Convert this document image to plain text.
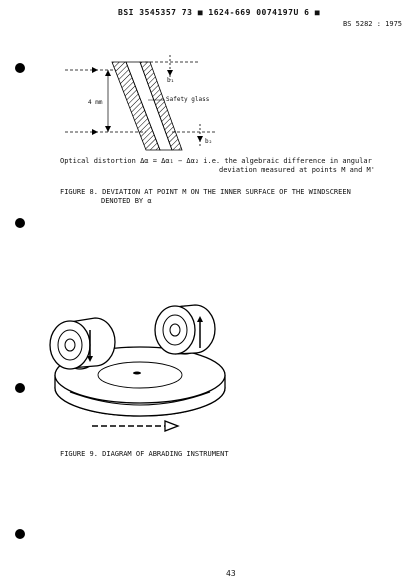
BSI 3545357 73 ■ 1624-669 0074197U 6 ■
BS 5282 : 1975
4 mm
b₁
b₂
Safety glass
Optical distortion Δα = Δα₁ − Δα₂ i.e. the algebraic difference in angular
deviation measured at points M and M'
FIGURE 8. DEVIATION AT POINT M ON THE INNER SURFACE OF THE WINDSCREEN
DENOTED BY α
FIGURE 9. DIAGRAM OF ABRADING INSTRUMENT
43
